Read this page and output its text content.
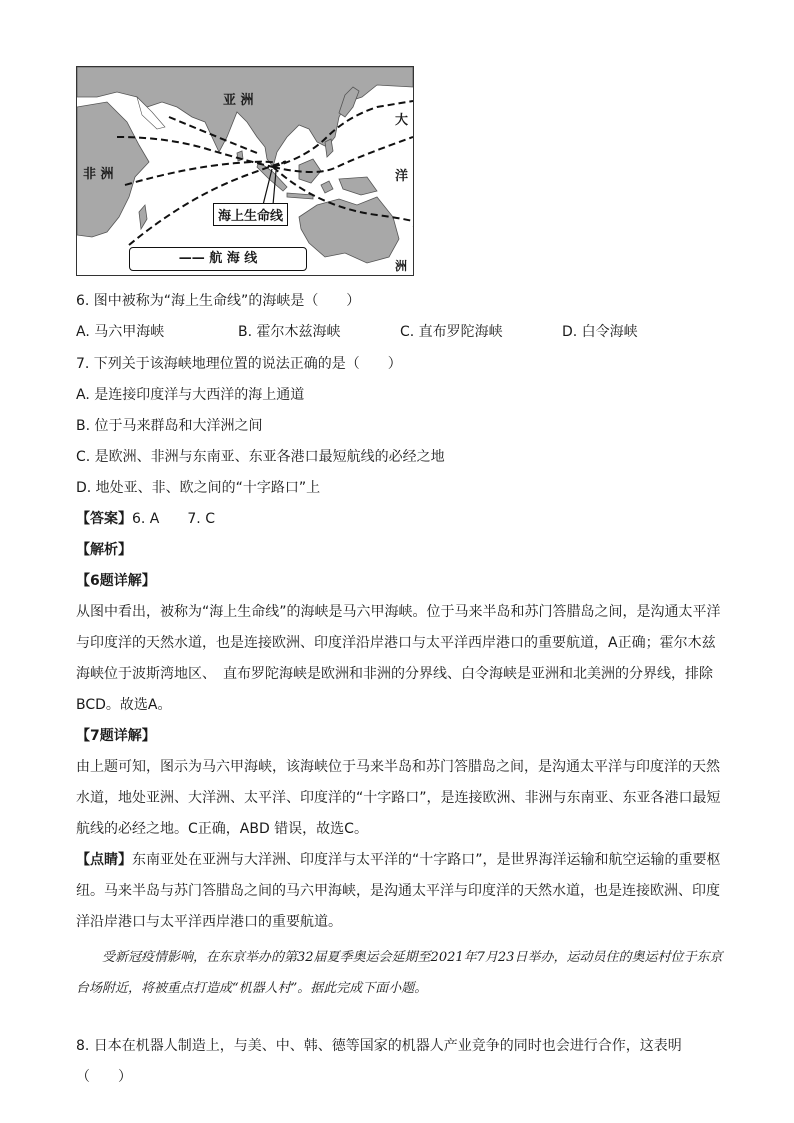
亚 洲
非 洲
大
洋
洲
海上生命线
—— 航 海 线
6. 图中被称为“海上生命线”的海峡是（　　）
A. 马六甲海峡	B. 霍尔木兹海峡	C. 直布罗陀海峡	D. 白令海峡
7. 下列关于该海峡地理位置的说法正确的是（　　）
A. 是连接印度洋与大西洋的海上通道
B. 位于马来群岛和大洋洲之间
C. 是欧洲、非洲与东南亚、东亚各港口最短航线的必经之地
D. 地处亚、非、欧之间的“十字路口”上
【答案】6. A　　7. C
【解析】
【6题详解】

从图中看出，被称为“海上生命线”的海峡是马六甲海峡。位于马来半岛和苏门答腊岛之间，是沟通太平洋与印度洋的天然水道，也是连接欧洲、印度洋沿岸港口与太平洋西岸港口的重要航道，A正确；霍尔木兹海峡位于波斯湾地区、　直布罗陀海峡是欧洲和非洲的分界线、白令海峡是亚洲和北美洲的分界线，排除BCD。故选A。

【7题详解】

由上题可知，图示为马六甲海峡，该海峡位于马来半岛和苏门答腊岛之间，是沟通太平洋与印度洋的天然水道，地处亚洲、大洋洲、太平洋、印度洋的“十字路口”，是连接欧洲、非洲与东南亚、东亚各港口最短航线的必经之地。C正确，ABD 错误，故选C。

【点睛】东南亚处在亚洲与大洋洲、印度洋与太平洋的“十字路口”，是世界海洋运输和航空运输的重要枢纽。马来半岛与苏门答腊岛之间的马六甲海峡，是沟通太平洋与印度洋的天然水道，也是连接欧洲、印度洋沿岸港口与太平洋西岸港口的重要航道。

受新冠疫情影响，在东京举办的第32届夏季奥运会延期至2021年7月23日举办，运动员住的奥运村位于东京台场附近，将被重点打造成“机器人村”。据此完成下面小题。
8. 日本在机器人制造上，与美、中、韩、德等国家的机器人产业竞争的同时也会进行合作，这表明
（　　）
